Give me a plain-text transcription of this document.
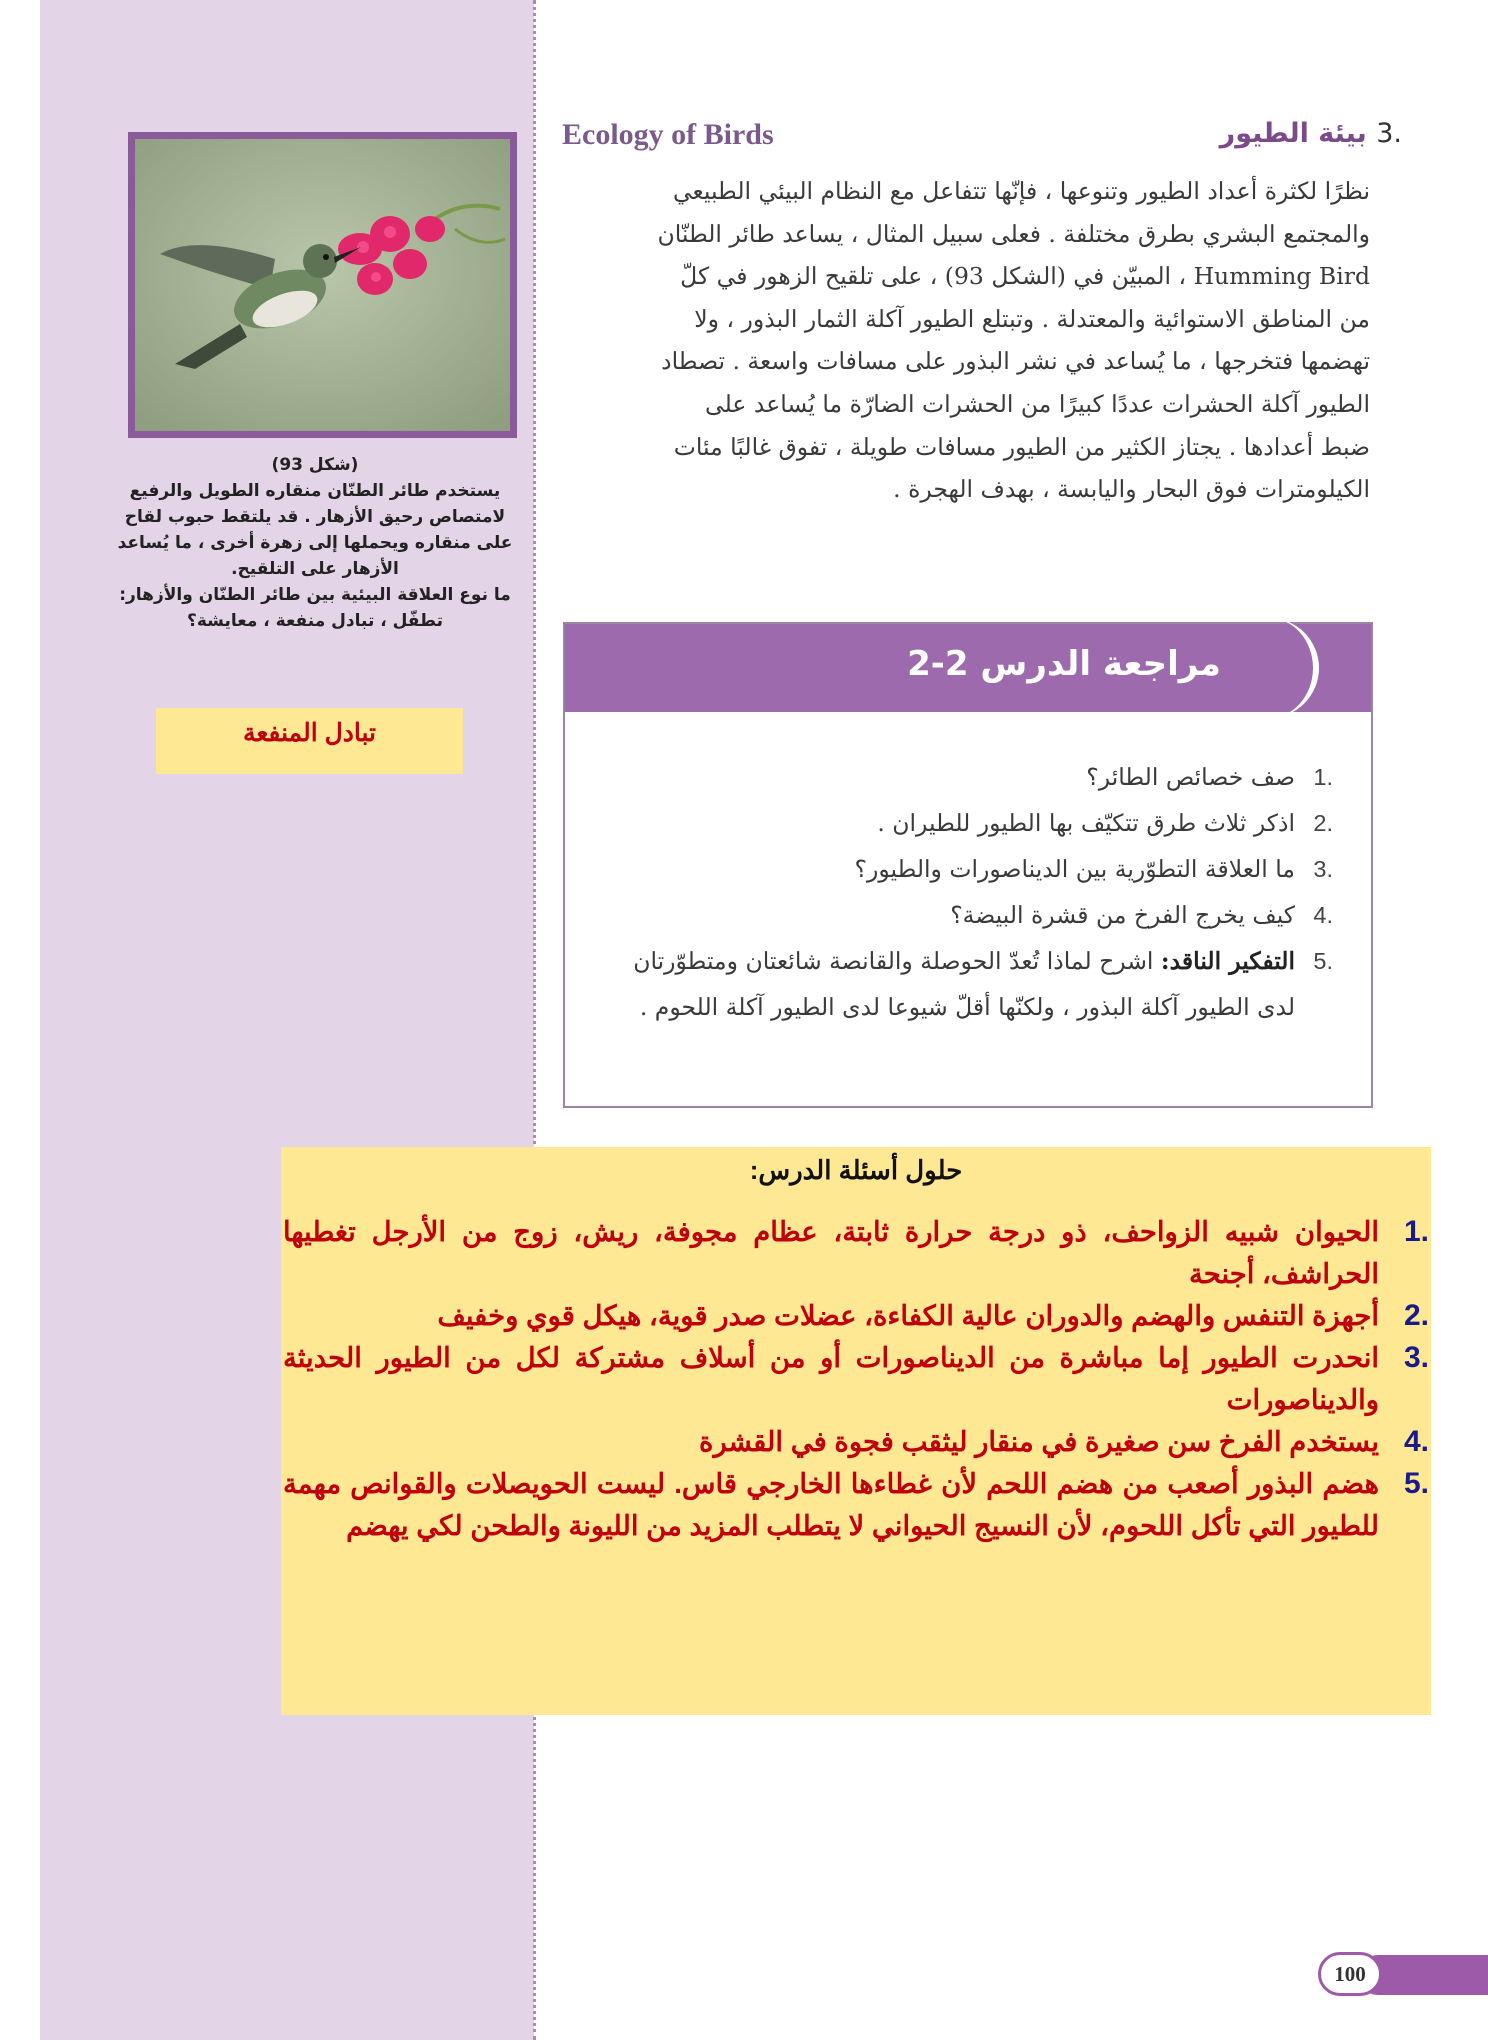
(شكل 93)

يستخدم طائر الطنّان منقاره الطويل والرفيع

لامتصاص رحيق الأزهار . قد يلتقط حبوب لقاح

على منقاره ويحملها إلى زهرة أخرى ، ما يُساعد

الأزهار على التلقيح.

ما نوع العلاقة البيئية بين طائر الطنّان والأزهار:

تطفّل ، تبادل منفعة ، معايشة؟

تبادل المنفعة
Ecology of Birds	.3 بيئة الطيور

نظرًا لكثرة أعداد الطيور وتنوعها ، فإنّها تتفاعل مع النظام البيئي الطبيعي

والمجتمع البشري بطرق مختلفة . فعلى سبيل المثال ، يساعد طائر الطنّان

Humming Bird ، المبيّن في (الشكل 93) ، على تلقيح الزهور في كلّ

من المناطق الاستوائية والمعتدلة . وتبتلع الطيور آكلة الثمار البذور ، ولا

تهضمها فتخرجها ، ما يُساعد في نشر البذور على مسافات واسعة . تصطاد

الطيور آكلة الحشرات عددًا كبيرًا من الحشرات الضارّة ما يُساعد على

ضبط أعدادها . يجتاز الكثير من الطيور مسافات طويلة ، تفوق غالبًا مئات

الكيلومترات فوق البحار واليابسة ، بهدف الهجرة .

مراجعة الدرس 2-2
1.
صف خصائص الطائر؟
2.
اذكر ثلاث طرق تتكيّف بها الطيور للطيران .
3.
ما العلاقة التطوّرية بين الديناصورات والطيور؟
4.
كيف يخرج الفرخ من قشرة البيضة؟
5.
التفكير الناقد: اشرح لماذا تُعدّ الحوصلة والقانصة شائعتان ومتطوّرتان لدى الطيور آكلة البذور ، ولكنّها أقلّ شيوعا لدى الطيور آكلة اللحوم .
حلول أسئلة الدرس:
1.
الحيوان شبيه الزواحف، ذو درجة حرارة ثابتة، عظام مجوفة، ريش، زوج من الأرجل تغطيها الحراشف، أجنحة
2.
أجهزة التنفس والهضم والدوران عالية الكفاءة، عضلات صدر قوية، هيكل قوي وخفيف
3.
انحدرت الطيور إما مباشرة من الديناصورات أو من أسلاف مشتركة لكل من الطيور الحديثة والديناصورات
4.
يستخدم الفرخ سن صغيرة في منقار ليثقب فجوة في القشرة
5.
هضم البذور أصعب من هضم اللحم لأن غطاءها الخارجي قاس. ليست الحويصلات والقوانص مهمة للطيور التي تأكل اللحوم، لأن النسيج الحيواني لا يتطلب المزيد من الليونة والطحن لكي يهضم
100
